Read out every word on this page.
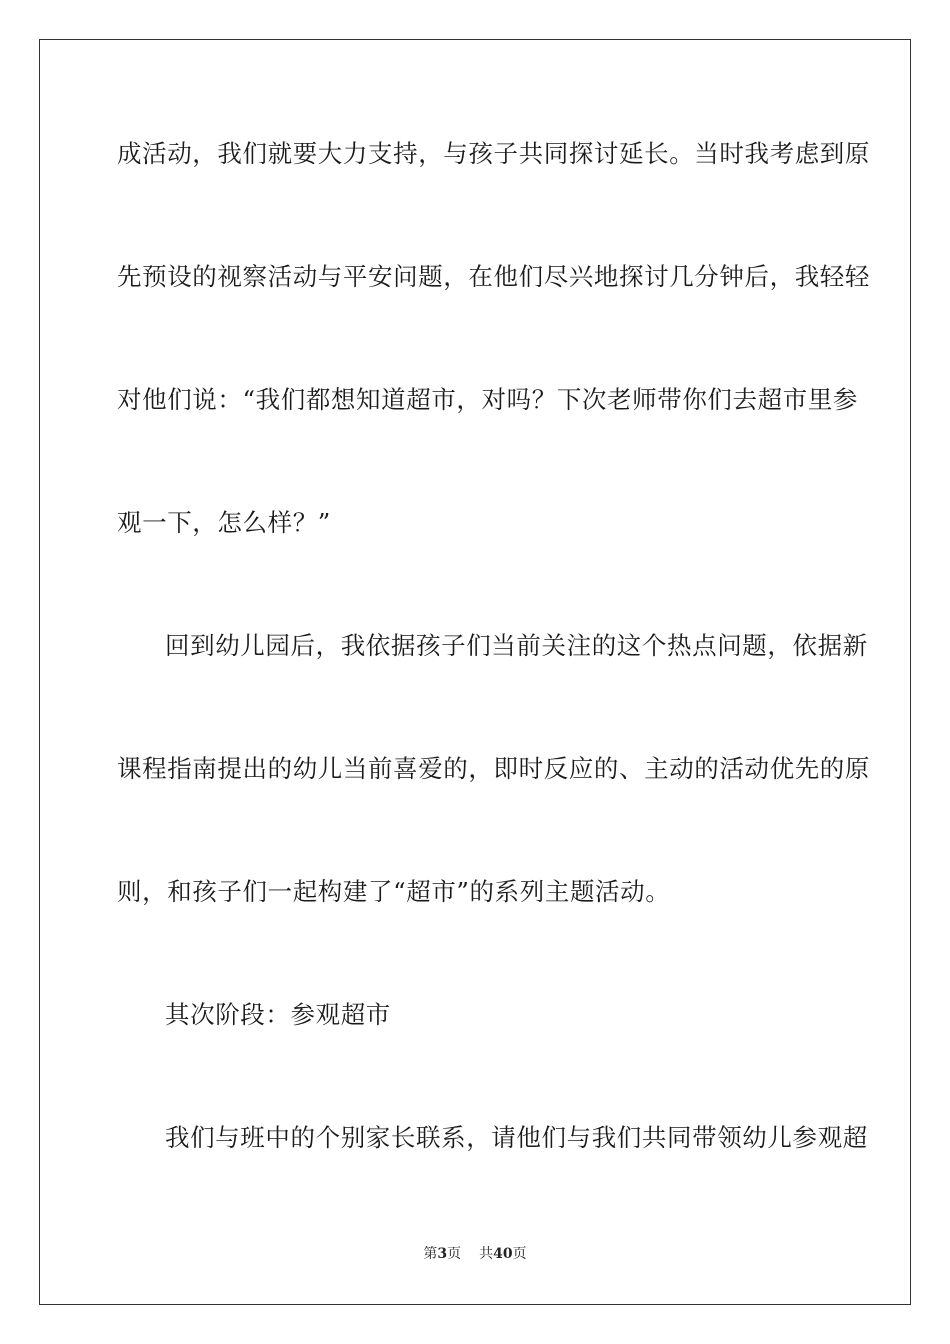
成活动，我们就要大力支持，与孩子共同探讨延长。当时我考虑到原
先预设的视察活动与平安问题，在他们尽兴地探讨几分钟后，我轻轻
对他们说：“我们都想知道超市，对吗？下次老师带你们去超市里参
观一下，怎么样？”
回到幼儿园后，我依据孩子们当前关注的这个热点问题，依据新
课程指南提出的幼儿当前喜爱的，即时反应的、主动的活动优先的原
则，和孩子们一起构建了“超市”的系列主题活动。
其次阶段：参观超市
我们与班中的个别家长联系，请他们与我们共同带领幼儿参观超
第3页 共40页
